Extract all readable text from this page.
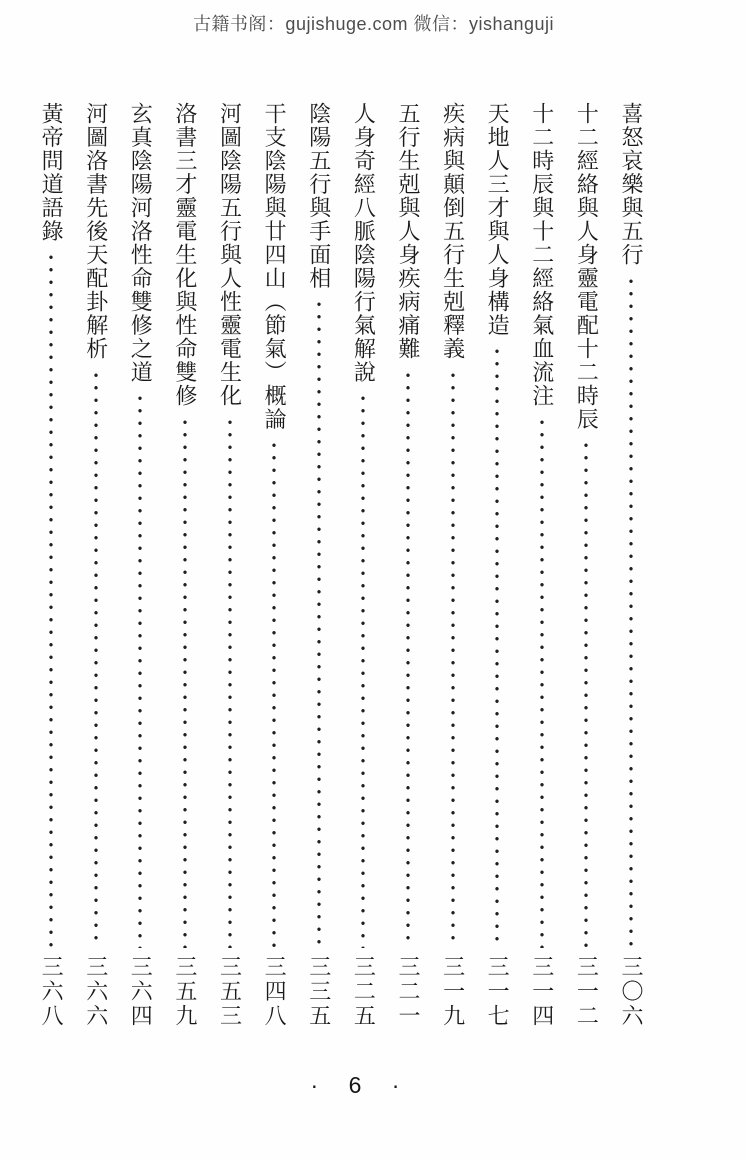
古籍书阁：gujishuge.com 微信：yishanguji
喜怒哀樂與五行
三〇六
十二經絡與人身靈電配十二時辰
三一二
十二時辰與十二經絡氣血流注
三一四
天地人三才與人身構造
三一七
疾病與顛倒五行生剋釋義
三一九
五行生剋與人身疾病痛難
三二一
人身奇經八脈陰陽行氣解說
三二五
陰陽五行與手面相
三三五
干支陰陽與廿四山（節氣）概論
三四八
河圖陰陽五行與人性靈電生化
三五三
洛書三才靈電生化與性命雙修
三五九
玄真陰陽河洛性命雙修之道
三六四
河圖洛書先後天配卦解析
三六六
黃帝問道語錄
三六八
· 6 ·
